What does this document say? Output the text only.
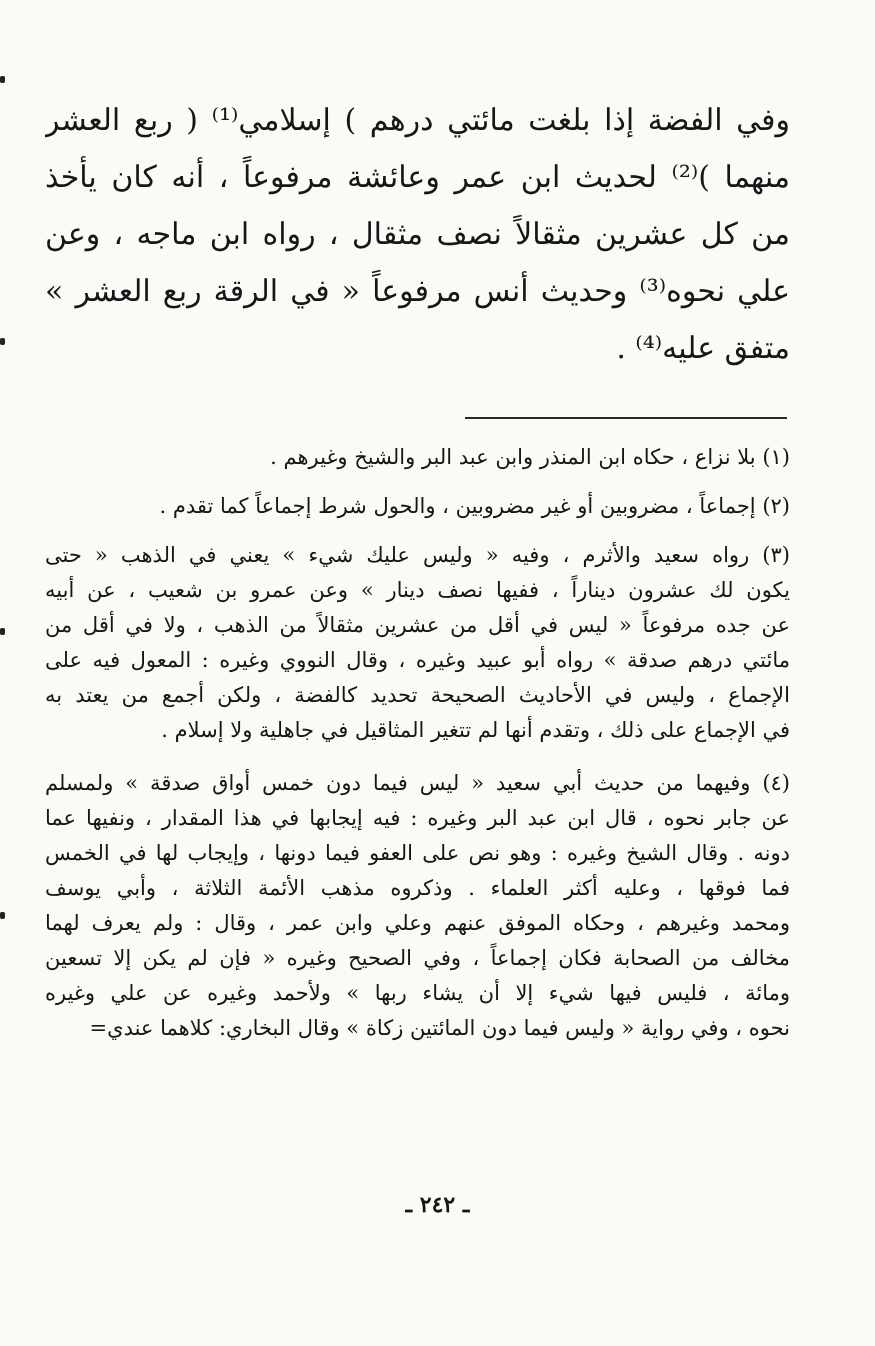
وفي الفضة إذا بلغت مائتي درهم ) إسلامي⁽¹⁾ ( ربع العشر
منهما )⁽²⁾ لحديث ابن عمر وعائشة مرفوعاً ، أنه كان يأخذ
من كل عشرين مثقالاً نصف مثقال ، رواه ابن ماجه ، وعن
علي نحوه⁽³⁾ وحديث أنس مرفوعاً « في الرقة ربع العشر »
متفق عليه⁽⁴⁾ .
(١) بلا نزاع ، حكاه ابن المنذر وابن عبد البر والشيخ وغيرهم .
(٢) إجماعاً ، مضروبين أو غير مضروبين ، والحول شرط إجماعاً كما تقدم .
(٣) رواه سعيد والأثرم ، وفيه « وليس عليك شيء » يعني في الذهب « حتى
يكون لك عشرون ديناراً ، ففيها نصف دينار » وعن عمرو بن شعيب ، عن أبيه
عن جده مرفوعاً « ليس في أقل من عشرين مثقالاً من الذهب ، ولا في أقل من
مائتي درهم صدقة » رواه أبو عبيد وغيره ، وقال النووي وغيره : المعول فيه على
الإجماع ، وليس في الأحاديث الصحيحة تحديد كالفضة ، ولكن أجمع من يعتد به
في الإجماع على ذلك ، وتقدم أنها لم تتغير المثاقيل في جاهلية ولا إسلام .
(٤) وفيهما من حديث أبي سعيد « ليس فيما دون خمس أواق صدقة » ولمسلم
عن جابر نحوه ، قال ابن عبد البر وغيره : فيه إيجابها في هذا المقدار ، ونفيها عما
دونه . وقال الشيخ وغيره : وهو نص على العفو فيما دونها ، وإيجاب لها في الخمس
فما فوقها ، وعليه أكثر العلماء . وذكروه مذهب الأئمة الثلاثة ، وأبي يوسف
ومحمد وغيرهم ، وحكاه الموفق عنهم وعلي وابن عمر ، وقال : ولم يعرف لهما
مخالف من الصحابة فكان إجماعاً ، وفي الصحيح وغيره « فإن لم يكن إلا تسعين
ومائة ، فليس فيها شيء إلا أن يشاء ربها » ولأحمد وغيره عن علي وغيره
نحوه ، وفي رواية « وليس فيما دون المائتين زكاة » وقال البخاري: كلاهما عندي=
ـ ٢٤٢ ـ
